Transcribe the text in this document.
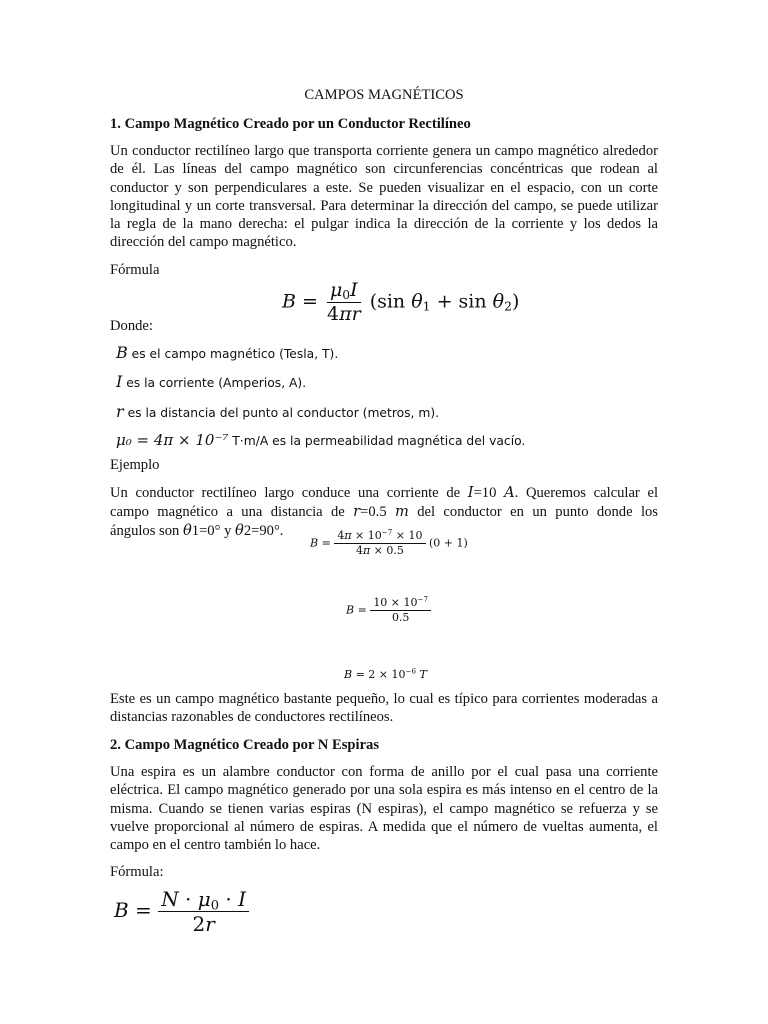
CAMPOS MAGNÉTICOS
1. Campo Magnético Creado por un Conductor Rectilíneo
Un conductor rectilíneo largo que transporta corriente genera un campo magnético alrededor de él. Las líneas del campo magnético son circunferencias concéntricas que rodean al conductor y son perpendiculares a este. Se pueden visualizar en el espacio, con un corte longitudinal y un corte transversal. Para determinar la dirección del campo, se puede utilizar la regla de la mano derecha: el pulgar indica la dirección de la corriente y los dedos la dirección del campo magnético.
Fórmula
$B = \frac{\mu_0I}{4\pi r} (\sin$ $\theta_1 + \sin \theta_2$)
Donde:
B es el campo magnético (Tesla, T).
I es la corriente (Amperios, A).
r es la distancia del punto al conductor (metros, m).
μ₀ = 4π × 10⁻⁷ T·m/A es la permeabilidad magnética del vacío.
Ejemplo
Un conductor rectilíneo largo conduce una corriente de I=10 A. Queremos calcular el
campo magnético a una distancia de r=0.5 m del conductor en un punto donde los
ángulos son θ1=0° y θ2=90°.
$B = \frac{4\pi \times 10^{-7} \times 10}{4\pi \times 0.5} (0 + 1)$
$B = \frac{10 \times 10^{-7}}{0.5}$
$B = 2 \times 10^{-6}$ T
Este es un campo magnético bastante pequeño, lo cual es típico para corrientes moderadas a distancias razonables de conductores rectilíneos.
2. Campo Magnético Creado por N Espiras
Una espira es un alambre conductor con forma de anillo por el cual pasa una corriente eléctrica. El campo magnético generado por una sola espira es más intenso en el centro de la misma. Cuando se tienen varias espiras (N espiras), el campo magnético se refuerza y se vuelve proporcional al número de espiras. A medida que el número de vueltas aumenta, el campo en el centro también lo hace.
Fórmula:
$B = \frac{N \cdot \mu_0 \cdot I}{2r}$
